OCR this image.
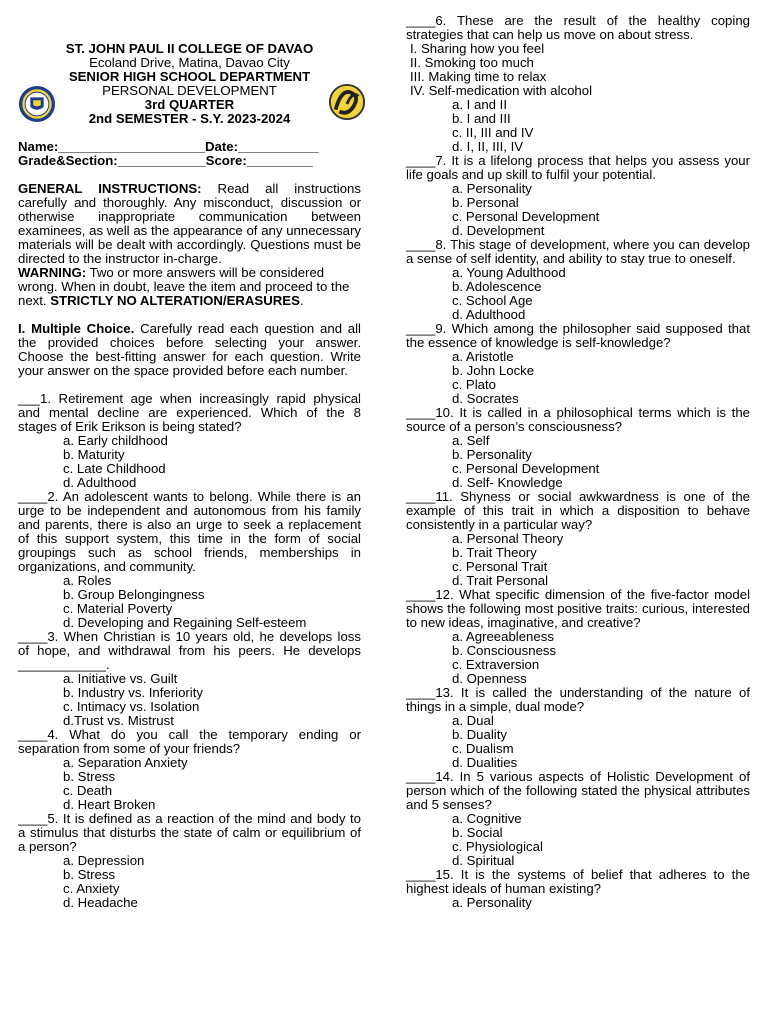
ST. JOHN PAUL II COLLEGE OF DAVAO

Ecoland Drive, Matina, Davao City

SENIOR HIGH SCHOOL DEPARTMENT

PERSONAL DEVELOPMENT

3rd QUARTER

2nd SEMESTER - S.Y. 2023-2024

Name:____________________Date:___________

Grade&Section:____________Score:_________

GENERAL INSTRUCTIONS: Read all instructions carefully and thoroughly. Any misconduct, discussion or otherwise inappropriate communication between examinees, as well as the appearance of any unnecessary materials will be dealt with accordingly. Questions must be directed to the instructor in-charge.

WARNING: Two or more answers will be considered wrong. When in doubt, leave the item and proceed to the next. STRICTLY NO ALTERATION/ERASURES.

I. Multiple Choice. Carefully read each question and all the provided choices before selecting your answer. Choose the best-fitting answer for each question. Write your answer on the space provided before each number.

___1. Retirement age when increasingly rapid physical and mental decline are experienced. Which of the 8 stages of Erik Erikson is being stated?

a. Early childhood

b. Maturity

c. Late Childhood

d. Adulthood

____2. An adolescent wants to belong. While there is an urge to be independent and autonomous from his family and parents, there is also an urge to seek a replacement of this support system, this time in the form of social groupings such as school friends, memberships in organizations, and community.

a. Roles

b. Group Belongingness

c. Material Poverty

d. Developing and Regaining Self-esteem

____3. When Christian is 10 years old, he develops loss of hope, and withdrawal from his peers. He develops ____________.

a. Initiative vs. Guilt

b. Industry vs. Inferiority

c. Intimacy vs. Isolation

d.Trust vs. Mistrust

____4. What do you call the temporary ending or separation from some of your friends?

a. Separation Anxiety

b. Stress

c. Death

d. Heart Broken

____5. It is defined as a reaction of the mind and body to a stimulus that disturbs the state of calm or equilibrium of a person?

a. Depression

b. Stress

c. Anxiety

d. Headache

____6. These are the result of the healthy coping strategies that can help us move on about stress.

I. Sharing how you feel

II. Smoking too much

III. Making time to relax

IV. Self-medication with alcohol

a. I and II

b. I and III

c. II, III and IV

d. I, II, III, IV

____7. It is a lifelong process that helps you assess your life goals and up skill to fulfil your potential.

a. Personality

b. Personal

c. Personal Development

d. Development

____8. This stage of development, where you can develop a sense of self identity, and ability to stay true to oneself.

a. Young Adulthood

b. Adolescence

c. School Age

d. Adulthood

____9. Which among the philosopher said supposed that the essence of knowledge is self-knowledge?

a. Aristotle

b. John Locke

c. Plato

d. Socrates

____10. It is called in a philosophical terms which is the source of a person’s consciousness?

a. Self

b. Personality

c. Personal Development

d. Self- Knowledge

____11. Shyness or social awkwardness is one of the example of this trait in which a disposition to behave consistently in a particular way?

a. Personal Theory

b. Trait Theory

c. Personal Trait

d. Trait Personal

____12. What specific dimension of the five-factor model shows the following most positive traits: curious, interested to new ideas, imaginative, and creative?

a. Agreeableness

b. Consciousness

c. Extraversion

d. Openness

____13. It is called the understanding of the nature of things in a simple, dual mode?

a. Dual

b. Duality

c. Dualism

d. Dualities

____14. In 5 various aspects of Holistic Development of person which of the following stated the physical attributes and 5 senses?

a. Cognitive

b. Social

c. Physiological

d. Spiritual

____15. It is the systems of belief that adheres to the highest ideals of human existing?

a. Personality
